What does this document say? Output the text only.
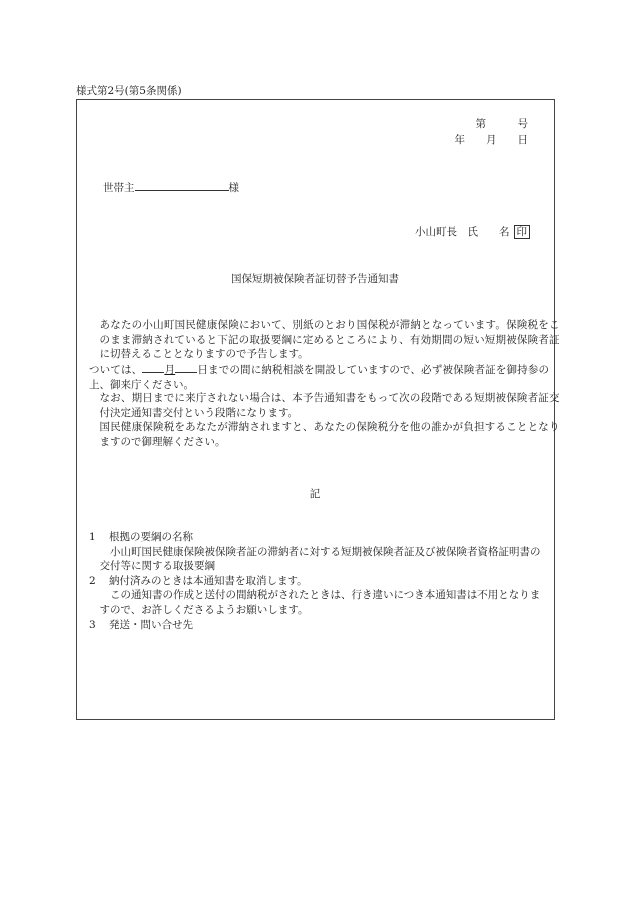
様式第2号(第5条関係)
第　　　号
年　　月　　日
世帯主	様
小山町長　氏　　名 印
国保短期被保険者証切替予告通知書
あなたの小山町国民健康保険において、別紙のとおり国保税が滞納となっています。保険税をこのまま滞納されていると下記の取扱要綱に定めるところにより、有効期間の短い短期被保険者証に切替えることとなりますので予告します。
ついては、 月 日までの間に納税相談を開設していますので、必ず被保険者証を御持参の上、御来庁ください。
なお、期日までに来庁されない場合は、本予告通知書をもって次の段階である短期被保険者証交付決定通知書交付という段階になります。
国民健康保険税をあなたが滞納されますと、あなたの保険税分を他の誰かが負担することとなりますので御理解ください。
記
1 根拠の要綱の名称
小山町国民健康保険被保険者証の滞納者に対する短期被保険者証及び被保険者資格証明書の交付等に関する取扱要綱
2 納付済みのときは本通知書を取消します。
この通知書の作成と送付の間納税がされたときは、行き違いにつき本通知書は不用となりますので、お許しくださるようお願いします。
3 発送・問い合せ先
